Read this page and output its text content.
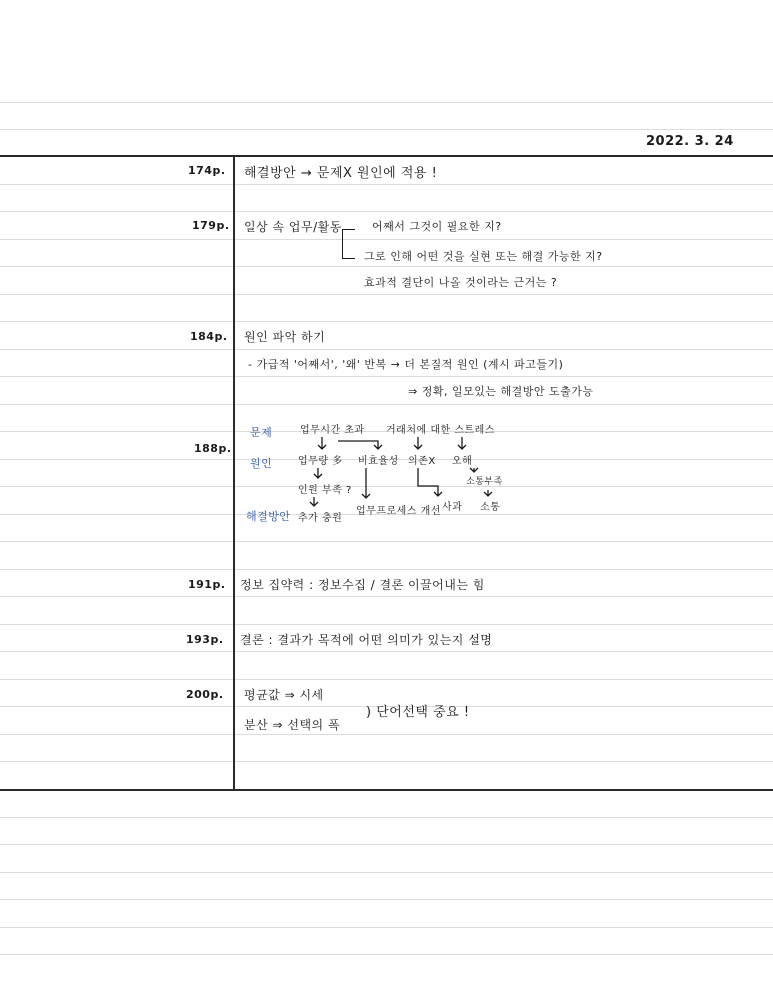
2022. 3. 24
174p. 해결방안 → 문제X 원인에 적용 !
179p. 일상 속 업무/활동	어째서 그것이 필요한 지?
그로 인해 어떤 것을 실현 또는 해결 가능한 지?
효과적 결단이 나올 것이라는 근거는 ?
184p. 원인 파악 하기
- 가급적 '어째서', '왜' 반복 → 더 본질적 원인 (계시 파고들기)
⇒ 정확, 일모있는 해결방안 도출가능
188p.
문제
원인
해결방안
업무시간 초과 거래처에 대한 스트레스
업무량 多 비효율성 의존X 오해
인원 부족 ?
소통부족
추가 충원
업무프로세스 개선 사과 소통
191p. 정보 집약력 : 정보수집 / 결론 이끌어내는 힘
193p. 결론 : 결과가 목적에 어떤 의미가 있는지 설명
200p. 평균값 ⇒ 시세
분산 ⇒ 선택의 폭
) 단어선택 중요 !
